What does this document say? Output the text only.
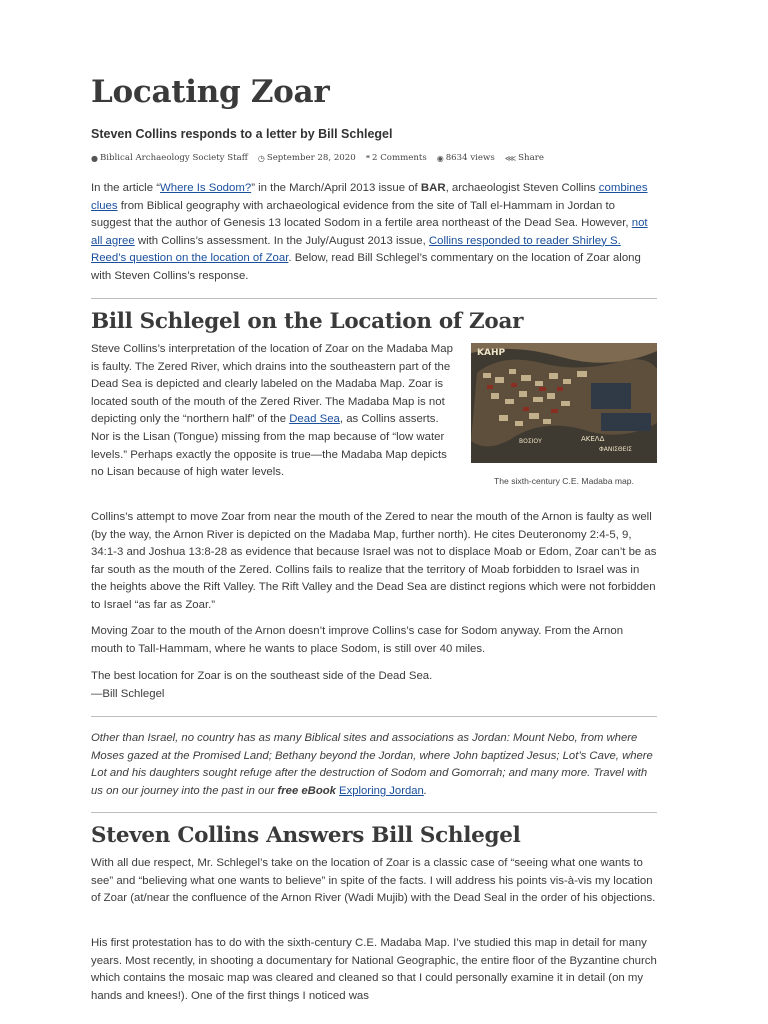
Locating Zoar
Steven Collins responds to a letter by Bill Schlegel
● Biblical Archaeology Society Staff ◷ September 28, 2020 ❝ 2 Comments ◉ 8634 views ⋘ Share

In the article “Where Is Sodom?” in the March/April 2013 issue of BAR, archaeologist Steven Collins combines clues from Biblical geography with archaeological evidence from the site of Tall el-Hammam in Jordan to suggest that the author of Genesis 13 located Sodom in a fertile area northeast of the Dead Sea. However, not all agree with Collins’s assessment. In the July/August 2013 issue, Collins responded to reader Shirley S. Reed’s question on the location of Zoar. Below, read Bill Schlegel’s commentary on the location of Zoar along with Steven Collins’s response.

Bill Schlegel on the Location of Zoar
KAHP
ΑΚΕΛΔ
ΦΑΝΙΣΘΕΙΣ
ΒΟΣΙΟΥ
The sixth-century C.E. Madaba map.

Steve Collins’s interpretation of the location of Zoar on the Madaba Map is faulty. The Zered River, which drains into the southeastern part of the Dead Sea is depicted and clearly labeled on the Madaba Map. Zoar is located south of the mouth of the Zered River. The Madaba Map is not depicting only the “northern half” of the Dead Sea, as Collins asserts. Nor is the Lisan (Tongue) missing from the map because of “low water levels.” Perhaps exactly the opposite is true—the Madaba Map depicts no Lisan because of high water levels.

Collins’s attempt to move Zoar from near the mouth of the Zered to near the mouth of the Arnon is faulty as well (by the way, the Arnon River is depicted on the Madaba Map, further north). He cites Deuteronomy 2:4-5, 9, 34:1-3 and Joshua 13:8-28 as evidence that because Israel was not to displace Moab or Edom, Zoar can’t be as far south as the mouth of the Zered. Collins fails to realize that the territory of Moab forbidden to Israel was in the heights above the Rift Valley. The Rift Valley and the Dead Sea are distinct regions which were not forbidden to Israel “as far as Zoar.”

Moving Zoar to the mouth of the Arnon doesn’t improve Collins’s case for Sodom anyway. From the Arnon mouth to Tall-Hammam, where he wants to place Sodom, is still over 40 miles.

The best location for Zoar is on the southeast side of the Dead Sea.
—Bill Schlegel

Other than Israel, no country has as many Biblical sites and associations as Jordan: Mount Nebo, from where Moses gazed at the Promised Land; Bethany beyond the Jordan, where John baptized Jesus; Lot’s Cave, where Lot and his daughters sought refuge after the destruction of Sodom and Gomorrah; and many more. Travel with us on our journey into the past in our free eBook Exploring Jordan.

Steven Collins Answers Bill Schlegel

With all due respect, Mr. Schlegel’s take on the location of Zoar is a classic case of “seeing what one wants to see” and “believing what one wants to believe” in spite of the facts. I will address his points vis-à-vis my location of Zoar (at/near the confluence of the Arnon River (Wadi Mujib) with the Dead Seal in the order of his objections.

His first protestation has to do with the sixth-century C.E. Madaba Map. I’ve studied this map in detail for many years. Most recently, in shooting a documentary for National Geographic, the entire floor of the Byzantine church which contains the mosaic map was cleared and cleaned so that I could personally examine it in detail (on my hands and knees!). One of the first things I noticed was
